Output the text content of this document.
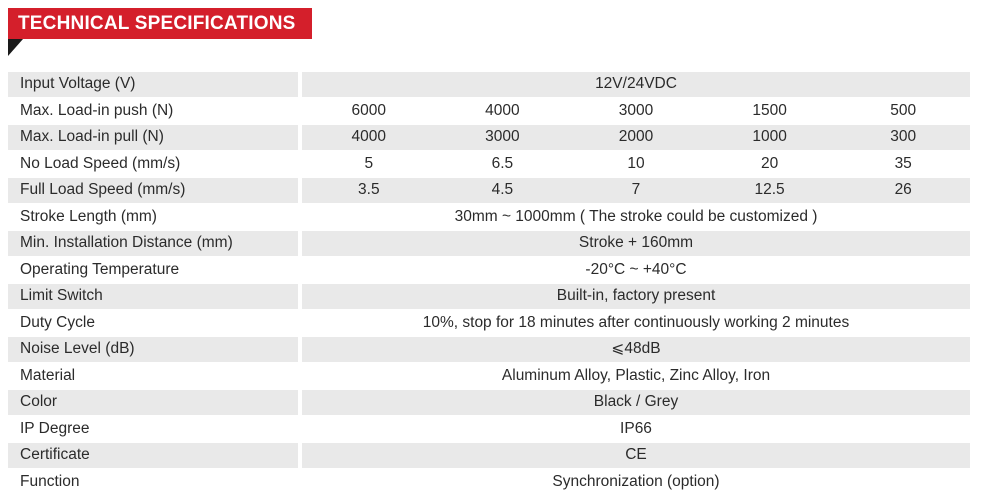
TECHNICAL SPECIFICATIONS
Input Voltage (V)		12V/24VDC				
Max. Load-in push (N)		6000	4000	3000	1500	500
Max. Load-in pull (N)		4000	3000	2000	1000	300
No Load Speed (mm/s)		5	6.5	10	20	35
Full Load Speed (mm/s)		3.5	4.5	7	12.5	26
Stroke Length (mm)		30mm ~ 1000mm ( The stroke could be customized )				
Min. Installation Distance (mm)		Stroke + 160mm				
Operating Temperature		-20°C ~ +40°C				
Limit Switch		Built-in, factory present				
Duty Cycle		10%, stop for 18 minutes after continuously working 2 minutes				
Noise Level (dB)		⩽48dB				
Material		Aluminum Alloy, Plastic, Zinc Alloy, Iron				
Color		Black / Grey				
IP Degree		IP66				
Certificate		CE				
Function		Synchronization (option)				
